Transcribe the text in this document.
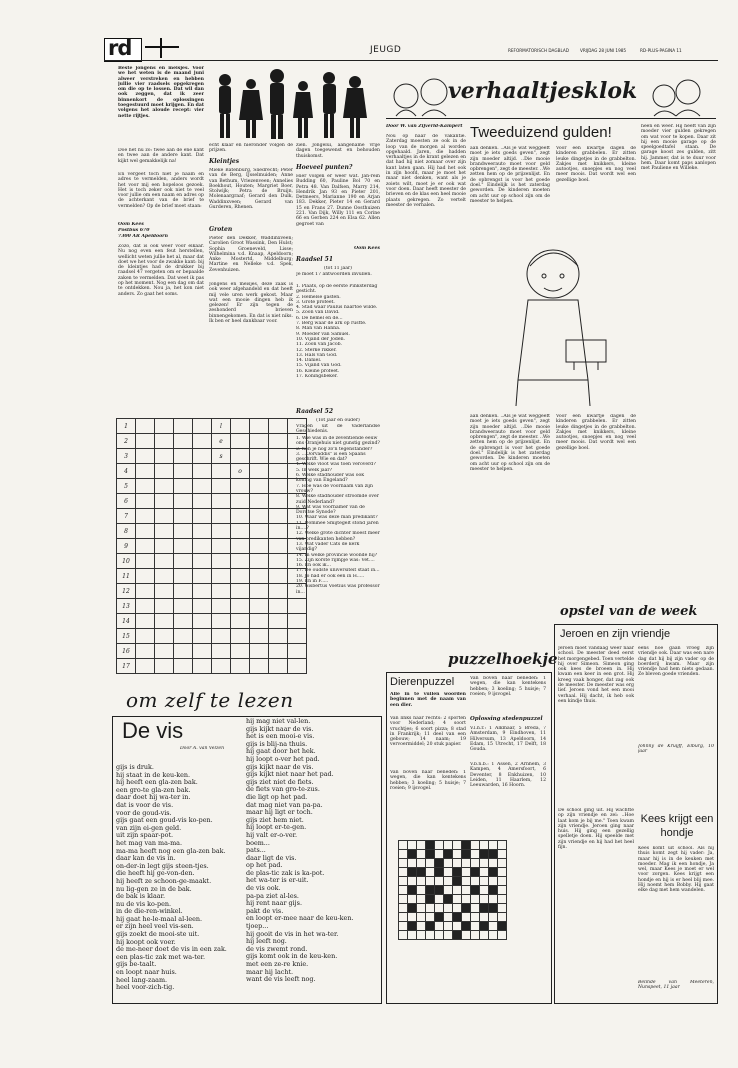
rd	JEUGD	REFORMATORISCH DAGBLAD	VRIJDAG 28 JUNI 1985	RD-PLUS-PAGINA 11
Beste jongens en meisjes. Voor we het weten is de maand juni alweer verstreken en hebben jullie vier raadsels opgekregen om die op te lossen. Dat wil dan ook zeggen, dat ik zeer binnenkort de oplossingen toegestuurd moet krijgen. En dat volgens het aloude recept: vier nette rijtjes.
Doe het nu zo: twee aan de ene kant en twee aan de andere kant. Dat kijkt wel gemakkelijk na!
En vergeet toch niet je naam en adres te vermelden, anders wordt het voor mij een hopeloos gezoek. Het is toch zeker ook niet te veel voor jullie om een naam en adres op de achterkant van de brief te vermelden? Op de brief moet staan:
Oom Kees
Postbus 670
7300 AR Apeldoorn
Zozo, dat is ook weer voor elkaar. Nu nog even een feut herstellen, wellicht weten jullie het al, maar dat doet we het voor de zwakke kant: bij de kleintjes had de drukker bij raadsel 47 vergeten om er bepaalde zaken te vermelden. Dat weet ik pas op het moment. Nog een dag om dat te ontdekken. Nou ja, het kon niet anders. Zo gaat het soms.
echt klaar en hieronder volgen de prijzen.
Kleintjes
Mieke Batenburg, Sliedrecht; Peter van de Berg, IJsselmuiden; Anne van Bethum, Vriezenveen; Annelies Boekhout, Houten; Margriet Boer, Stolwijk; Petra de Bruijn, Molenaargraaf; Gerard den Dulk, Waddinxveen; Gerard van Gurderen, Rhenen.
Groten
Pieter den Dekker, Waddinxveen; Carolien Groot Wassink, Den Hulst; Sophia Groeneveld, Lisse; Wilhelmina v.d. Knaap, Apeldoorn; Anke Mostertd, Middelburg; Martine en Nelleke v.d. Spek, Zevenhuizen.
Jongens en meisjes, deze zaak is ook weer afgehandeld en dat heeft mij vele uren werk gekost. Maar wat een mooie dingen heb ik gelezen! Er zijn tegen de zeshonderd brieven binnengekomen. En dat is niet niks. Ik ben er heel dankbaar voor.
zien. Jongelui, aangename vrije dagen toegewenst en behouden thuiskomst.
Hoeveel punten?
Hier volgen er weer wat. Jan-rein Budding 60, Pauline Bol 70 en Petra 48. Van Dalfsen, Marry 214, Hendrik Jan 93 en Pieter 201, Detmeers, Marianne 190 en Arjan 183. Dekker, Pieter 14 en Gerard 15 en Frans 27. Dunne Oosthuizen 221. Van Dijk, Willy 111 en Corine 66 en Gerben 224 en Elsa 62. Allen gegroet van
Oom Kees
Raadsel 51
(tot 11 jaar)
Je moet 17 antwoorden invullen.
1. Plaats, op de eerste Pinksterdag gesticht.
2. Hemelse gasten.
3. Grote profeet.
4. Stad waar Paulus naartoe wilde.
5. Zoon van David.
6. De hemel en de...
7. Berg waar de ark op rustte.
8. Man van Hanna.
9. Moeder van Samuel.
10. Vijand der Joden.
11. Zoon van Jacob.
12. Sterke rikker.
13. Hals van God.
14. Daniel.
15. Vijand van God.
16. Kleine profeet.
17. Koningsbeker.
Raadsel 52
(Tot jaar en ouder)
Vragen uit de Vaderlandse Geschiedenis.
1. Wie was in de zeventiende eeuw ons Oranjehuis niet gunstig gezind?
2. Kon je nog zo'n tegenstander?
3. ...Oorvaddis" is een Spaans geschrift. Wie en dat?
4. Welke vloot was toen veroverd?
5. In welk jaar?
6. Welke stadhouder was ook koning van Engeland?
7. Hoe was de voornaam van zijn vrouw?
8. Welke stadhouder stroomde over zuid-Nederland?
9. Wat was voornamer van de Dordtse Synode?
10. Waar was deze man predikant?
11. Dominee Smijtegelt stond jaren in....?
12. Welke grote dichter moest meer van predikanten hebben?
13. Wat vader Cats de kerk vijandig?
14. In welke provincie woonde hij?
15. Zijn korste rijmpje was: Vet....
16. En ook ik...
17. De oudste universiteit staat in...
18. Jo had er ook een in H.....
19. En in F.....
20. Gisbertus Voetius was professor in...
1					l				
2					e				
3					s				
4						o			
5									
6									
7									
8									
9									
10									
11									
12									
13									
14									
15									
16									
17									
om zelf te lezen
De vis
Door A. van Velzen
gijs is druk.
hij staat in de keu-ken.
hij heeft een gla-zen bak.
een gro-te gla-zen bak.
daar doet hij wa-ter in.
dat is voor de vis.
voor de goud-vis.
gijs gaat een goud-vis ko-pen.
van zijn ei-gen geld.
uit zijn spaar-pot.
het mag van ma-ma.
ma-ma heeft nog een gla-zen bak.
daar kan de vis in.
on-der-in legt gijs steen-tjes.
die heeft hij ge-von-den.
hij heeft ze schoon-ge-maakt.
nu lig-gen ze in de bak.
de bak is klaar.
nu de vis ko-pen.
in de die-ren-winkel.
hij gaat he-le-maal al-leen.
er zijn heel veel vis-sen.
gijs zoekt de mooi-ste uit.
hij koopt ook voer.
de me-neer doet de vis in een zak.
een plas-tic zak met wa-ter.
gijs be-taalt.
en loopt naar huis.
heel lang-zaam.
heel voor-zich-tig.
hij mag niet val-len.
gijs kijkt naar de vis.
het is een mooi-e vis.
gijs is blij-na thuis.
hij gaat door het hek.
hij loopt o-ver het pad.
gijs kijkt naar de vis.
gijs kijkt niet naar het pad.
gijs ziet niet de fiets.
de fiets van gro-te-zus.
die ligt op het pad.
dat mag niet van pa-pa.
maar hij ligt er toch.
gijs ziet hem niet.
hij loopt er-te-gen.
hij valt er-o-ver.
boem...
pats...
daar ligt de vis.
op het pad.
de plas-tic zak is ka-pot.
het wa-ter is er-uit.
de vis ook.
pa-pa ziet al-les.
hij rent naar gijs.
pakt de vis.
en loopt er-mee naar de keu-ken.
tjoep...
hij gooit de vis in het wa-ter.
hij leeft nog.
de vis zwemt rond.
gijs komt ook in de keu-ken.
met een ze-re knie.
maar hij lacht.
want de vis leeft nog.
verhaaltjesklok
Door W. van Zijverld-Kampert Tweeduizend gulden!
Nou op naar de vakantie. Zaterdag moesten ze ook in de loop van de morgen al worden opgehaald. Jaren, die hadden verhaaltjes in de krant gelezen en dat had hij niet zomaar over zijn kant laten gaan. Hij had het ook in zijn hoofd, maar je moet het maar niet denken, want als je zoiets wilt, moet je er ook wat voor doen. Daar heeft meester de brieven en de klas een heel mooie plaats gekregen. Zo vertelt meester de verhalen.
aan denken. ..Als je wat weggeeft moet je iets goeds geven", zegt zijn moeder altijd. ..Die mooie brandweerauto moet voor geld opbrengen", zegt de meester. ..We zetten hem op de prijzenlijst. En de opbrengst is voor het goede doel." Eindelijk is het zaterdag geworden. De kinderen moeten om acht uur op school zijn om de meester te helpen.
Voor een kwartje dagen de kinderen grabbelen. Er zitten leuke dingetjes in de grabbelton. Zakjes met knikkers, kleine autootjes, snoepjes en nog veel meer moois. Dat wordt wel een gezellige boel.
heen en weer. Hij heeft van zijn moeder vier gulden gekregen om wat voor te kopen. Daar zit hij een mooie garage op de speelgoedtafel staan. De garage koost zes gulden, zitt hij. Jammer, dat is te duur voor hem. Daar komt paps aanlopen met Pauliene en Willeke.
aan denken. ..Als je wat weggeeft moet je iets goeds geven", zegt zijn moeder altijd. ..Die mooie brandweerauto moet voor geld opbrengen", zegt de meester. ..We zetten hem op de prijzenlijst. En de opbrengst is voor het goede doel." Eindelijk is het zaterdag geworden. De kinderen moeten om acht uur op school zijn om de meester te helpen.
Voor een kwartje dagen de kinderen grabbelen. Er zitten leuke dingetjes in de grabbelton. Zakjes met knikkers, kleine autootjes, snoepjes en nog veel meer moois. Dat wordt wel een gezellige boel.
puzzelhoekje
Dierenpuzzel
Alle in te vullen woorden beginnen met de naam van een dier.
Van links naar rechts: 2 sporten voor Nederland; 4 soort vruchtjes; 6 soort pizza; 8 stad in Frankrijk; 11 deel van een gebouw; 14 naam; 19 vervoermiddel; 20 stuk papier.
Van boven naar beneden: 1 wegen, die kan kentekens hebben; 3 koeling; 5 huisje; 7 roeien; 9 ijsvogel.
Van boven naar beneden: 1 wegen, die kan kentekens hebben; 3 koeling; 5 huisje; 7 roeien; 9 ijsvogel.
Oplossing stedenpuzzel
V.l.n.r.: 1 Alkmaar, 5 Breda, 7 Amsterdam, 9 Eindhoven, 11 Hilversum, 13 Apeldoorn, 14 Edam, 15 Utrecht, 17 Delft, 18 Gouda.
V.b.n.b.: 1 Assen, 2 Arnhem, 3 Kampen, 4 Amersfoort, 6 Deventer, 8 Enkhuizen, 10 Leiden, 11 Haarlem, 12 Leeuwarden, 16 Hoorn.

opstel van de week
Jeroen en zijn vriendje
Jeroen moet vandaag weer naar school. De meester deed eerst het morgengebed. Toen vertelde hij over Simeon. Simeon ging ook kees de broeen in. Hij kwam een keer in een grot. Hij kreeg vaak honger, dat zag ook de meester. De meester was erg lief. Jeroen vond het een mooi verhaal. Hij dacht, ik heb ook een kindje thuis.
De school ging uit. Hij wachtte op zijn vriendje en zei: ..Hoe laat kom je bij me." Toen kwam zijn vriendje. Jeroen ging naar huis. Hij ging een gezellig spelletje doen. Hij speelde met zijn vriendje en hij had het heel fijn.
eens hoe gaan vroeg zijn vriendje ook. Daar was een nare dag dat hij bij zijn vader op de boerderij kwam. Maar zijn vriendje had hem niets gedaan. Ze bleven goede vrienden.
Johnny de Kruijff, Elburg, 10 jaar
Kees krijgt een hondje
Kees komt uit school. Als hij thuis komt zegt hij vader: Ja, maar hij is in de keuken met moeder. Mag ik een hondje, Ja wel, maar Kees je moet er wel voor zorgen. Kees krijgt een hondje en hij is er heel blij mee. Hij noemt hem Bobby. Hij gaat elke dag met hem wandelen.
Belinde van Meeteren, Nunspeet, 11 jaar
